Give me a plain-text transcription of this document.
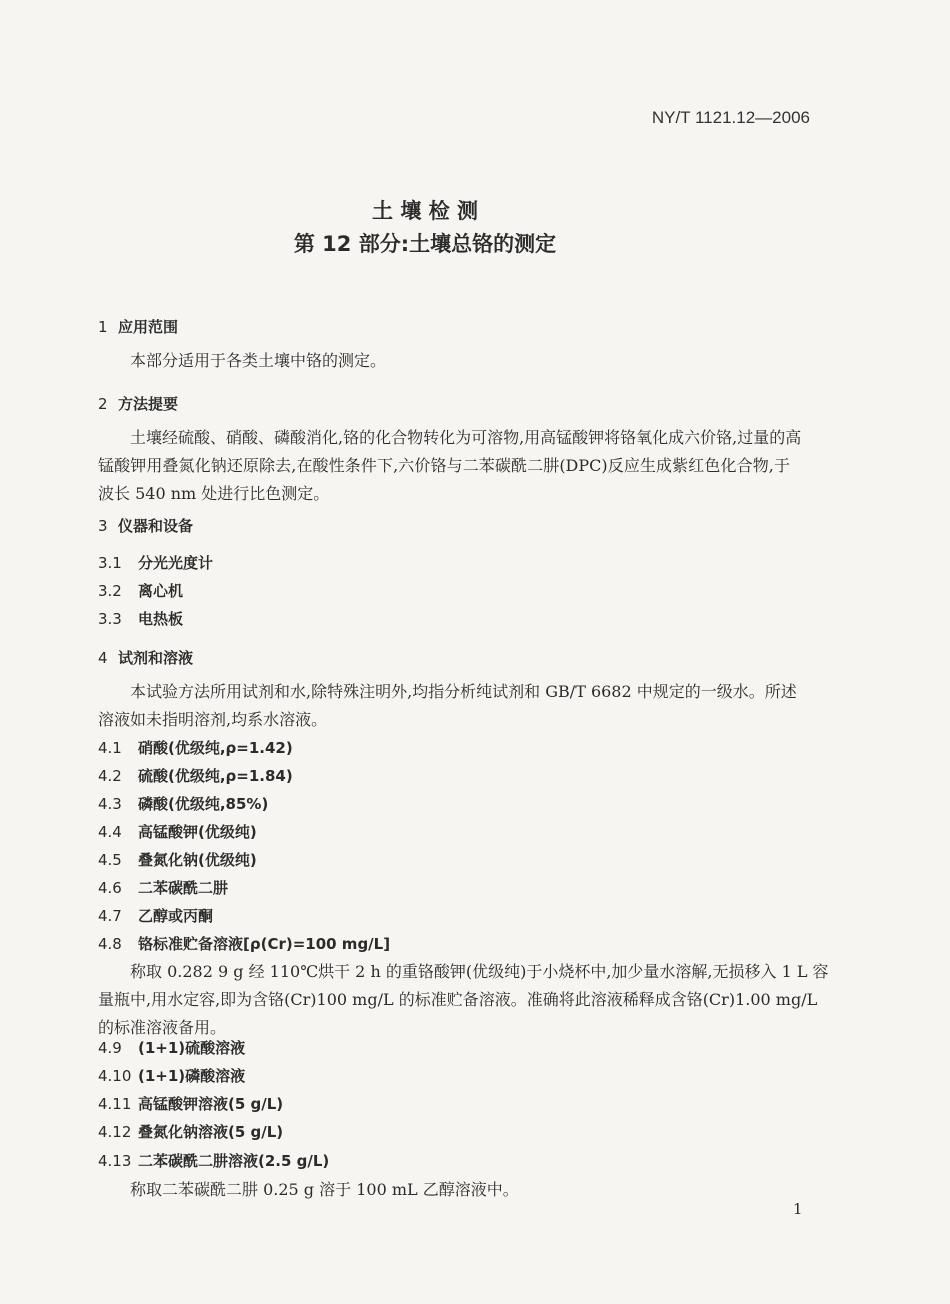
NY/T 1121.12—2006
土 壤 检 测
第 12 部分:土壤总铬的测定
1 应用范围
本部分适用于各类土壤中铬的测定。
2 方法提要
土壤经硫酸、硝酸、磷酸消化,铬的化合物转化为可溶物,用高锰酸钾将铬氧化成六价铬,过量的高
锰酸钾用叠氮化钠还原除去,在酸性条件下,六价铬与二苯碳酰二肼(DPC)反应生成紫红色化合物,于
波长 540 nm 处进行比色测定。
3 仪器和设备
3.1 分光光度计
3.2 离心机
3.3 电热板
4 试剂和溶液
本试验方法所用试剂和水,除特殊注明外,均指分析纯试剂和 GB/T 6682 中规定的一级水。所述
溶液如未指明溶剂,均系水溶液。
4.1 硝酸(优级纯,ρ=1.42)
4.2 硫酸(优级纯,ρ=1.84)
4.3 磷酸(优级纯,85%)
4.4 高锰酸钾(优级纯)
4.5 叠氮化钠(优级纯)
4.6 二苯碳酰二肼
4.7 乙醇或丙酮
4.8 铬标准贮备溶液[ρ(Cr)=100 mg/L]
称取 0.282 9 g 经 110℃烘干 2 h 的重铬酸钾(优级纯)于小烧杯中,加少量水溶解,无损移入 1 L 容
量瓶中,用水定容,即为含铬(Cr)100 mg/L 的标准贮备溶液。准确将此溶液稀释成含铬(Cr)1.00 mg/L
的标准溶液备用。
4.9 (1+1)硫酸溶液
4.10 (1+1)磷酸溶液
4.11 高锰酸钾溶液(5 g/L)
4.12 叠氮化钠溶液(5 g/L)
4.13 二苯碳酰二肼溶液(2.5 g/L)
称取二苯碳酰二肼 0.25 g 溶于 100 mL 乙醇溶液中。
1
